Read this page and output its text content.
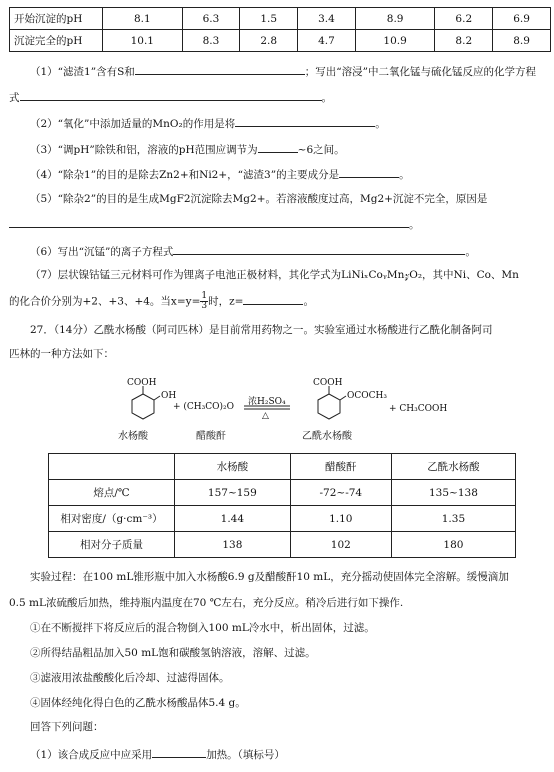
开始沉淀的pH	8.1	6.3	1.5	3.4	8.9	6.2	6.9
沉淀完全的pH	10.1	8.3	2.8	4.7	10.9	8.2	8.9
（1）“滤渣1”含有S和	；写出“溶浸”中二氧化锰与硫化锰反应的化学方程
式	。
（2）“氧化”中添加适量的MnO₂的作用是将	。
（3）“调pH”除铁和铝，溶液的pH范围应调节为	~6之间。
（4）“除杂1”的目的是除去Zn2+和Ni2+，“滤渣3”的主要成分是	。
（5）“除杂2”的目的是生成MgF2沉淀除去Mg2+。若溶液酸度过高，Mg2+沉淀不完全，原因是
。
（6）写出“沉锰”的离子方程式	。
（7）层状镍钴锰三元材料可作为锂离子电池正极材料，其化学式为LiNiₓCoᵧMn𝓏O₂，其中Ni、Co、Mn
的化合价分别为+2、+3、+4。当$x=y= \frac{1}{3}$ 时，z=	。
27．（14分）乙酰水杨酸（阿司匹林）是目前常用药物之一。实验室通过水杨酸进行乙酰化制备阿司
匹林的一种方法如下：
COOH
OH
+ (CH₃CO)₂O 浓H₂SO₄
△
COOH
OCOCH₃
+ CH₃COOH
水杨酸	醋酸酐	乙酰水杨酸
	水杨酸	醋酸酐	乙酰水杨酸
熔点/℃	157~159	-72~-74	135~138
相对密度/（g·cm⁻³）	1.44	1.10	1.35
相对分子质量	138	102	180
实验过程：在100 mL锥形瓶中加入水杨酸6.9 g及醋酸酐10 mL，充分摇动使固体完全溶解。缓慢滴加
0.5 mL浓硫酸后加热，维持瓶内温度在70 ℃左右，充分反应。稍冷后进行如下操作.
①在不断搅拌下将反应后的混合物倒入100 mL冷水中，析出固体，过滤。
②所得结晶粗品加入50 mL饱和碳酸氢钠溶液，溶解、过滤。
③滤液用浓盐酸酸化后冷却、过滤得固体。
④固体经纯化得白色的乙酰水杨酸晶体5.4 g。
回答下列问题：
（1）该合成反应中应采用	加热。（填标号）
